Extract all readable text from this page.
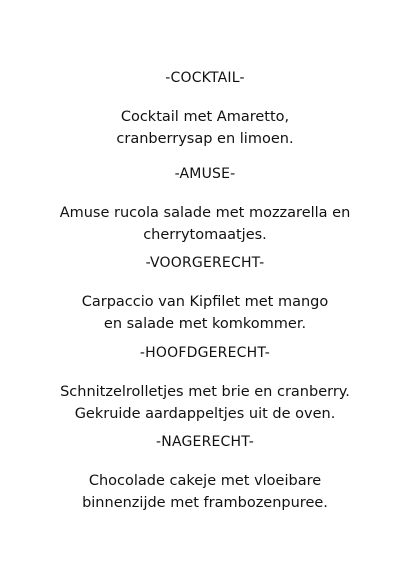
-COCKTAIL-

Cocktail met Amaretto,
cranberrysap en limoen.

-AMUSE-

Amuse rucola salade met mozzarella en
cherrytomaatjes.

-VOORGERECHT-

Carpaccio van Kipfilet met mango
en salade met komkommer.

-HOOFDGERECHT-

Schnitzelrolletjes met brie en cranberry.
Gekruide aardappeltjes uit de oven.

-NAGERECHT-

Chocolade cakeje met vloeibare
binnenzijde met frambozenpuree.
